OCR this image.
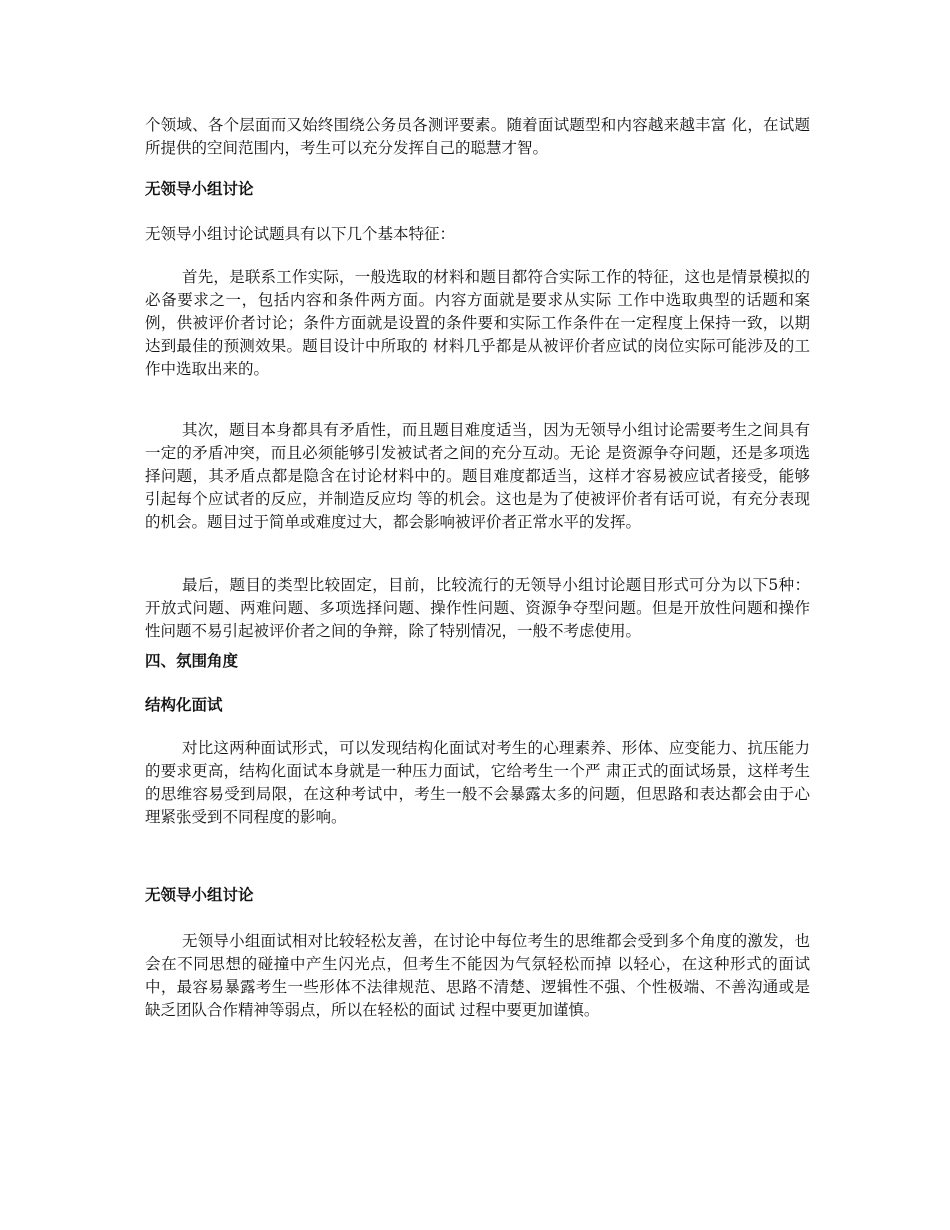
个领域、各个层面而又始终围绕公务员各测评要素。随着面试题型和内容越来越丰富 化，在试题所提供的空间范围内，考生可以充分发挥自己的聪慧才智。

无领导小组讨论

无领导小组讨论试题具有以下几个基本特征：

首先，是联系工作实际，一般选取的材料和题目都符合实际工作的特征，这也是情景模拟的必备要求之一，包括内容和条件两方面。内容方面就是要求从实际 工作中选取典型的话题和案例，供被评价者讨论；条件方面就是设置的条件要和实际工作条件在一定程度上保持一致，以期达到最佳的预测效果。题目设计中所取的 材料几乎都是从被评价者应试的岗位实际可能涉及的工作中选取出来的。

其次，题目本身都具有矛盾性，而且题目难度适当，因为无领导小组讨论需要考生之间具有一定的矛盾冲突，而且必须能够引发被试者之间的充分互动。无论 是资源争夺问题，还是多项选择问题，其矛盾点都是隐含在讨论材料中的。题目难度都适当，这样才容易被应试者接受，能够引起每个应试者的反应，并制造反应均 等的机会。这也是为了使被评价者有话可说，有充分表现的机会。题目过于简单或难度过大，都会影响被评价者正常水平的发挥。

最后，题目的类型比较固定，目前，比较流行的无领导小组讨论题目形式可分为以下5种：开放式问题、两难问题、多项选择问题、操作性问题、资源争夺型问题。但是开放性问题和操作性问题不易引起被评价者之间的争辩，除了特别情况，一般不考虑使用。

四、氛围角度
结构化面试

对比这两种面试形式，可以发现结构化面试对考生的心理素养、形体、应变能力、抗压能力的要求更高，结构化面试本身就是一种压力面试，它给考生一个严 肃正式的面试场景，这样考生的思维容易受到局限，在这种考试中，考生一般不会暴露太多的问题，但思路和表达都会由于心理紧张受到不同程度的影响。

无领导小组讨论

无领导小组面试相对比较轻松友善，在讨论中每位考生的思维都会受到多个角度的激发，也会在不同思想的碰撞中产生闪光点，但考生不能因为气氛轻松而掉 以轻心，在这种形式的面试中，最容易暴露考生一些形体不法律规范、思路不清楚、逻辑性不强、个性极端、不善沟通或是缺乏团队合作精神等弱点，所以在轻松的面试 过程中要更加谨慎。
